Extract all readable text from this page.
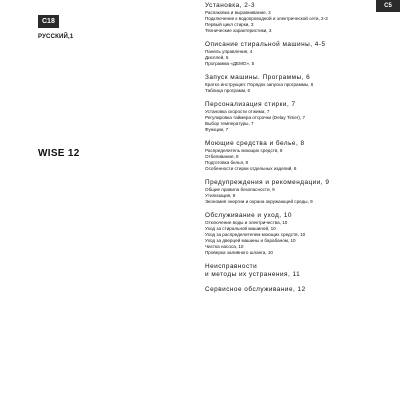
C5
C18
РУССКИЙ,1
WISE 12
Установка, 2-3
Распаковка и выравнивание, 2
Подключение к водопроводной и электрической сети, 2-3
Первый цикл стирки, 3
Технические характеристики, 3
Описание стиральной машины, 4-5
Панель управления, 4
Дисплей, 5
Программа «ДЕМО», 5
Запуск машины. Программы, 6
Кратко инструкция: Порядок запуска программы, 6
Таблица программ, 6
Персонализация стирки, 7
Установка скорости отжима, 7
Регулировка таймера отсрочки (Delay Timer), 7
Выбор температуры, 7
Функции, 7
Моющие средства и белье, 8
Распределитель моющих средств, 8
Отбеливание, 8
Подготовка белья, 8
Особенности стирки отдельных изделий, 8
Предупреждения и рекомендации, 9
Общие правила безопасности, 9
Утилизация, 9
Экономия энергии и охрана окружающей среды, 9
Обслуживание и уход, 10
Отключение воды и электричества, 10
Уход за стиральной машиной, 10
Уход за распределителем моющих средств, 10
Уход за дверцей машины и барабаном, 10
Чистка насоса, 10
Проверка заливного шланга, 10
Неисправности
и методы их устранения, 11
Сервисное обслуживание, 12
